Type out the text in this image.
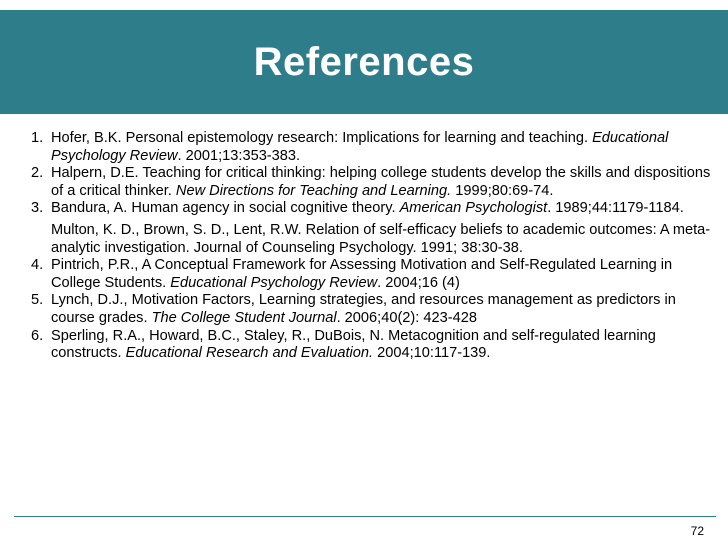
References
1. Hofer, B.K. Personal epistemology research: Implications for learning and teaching. Educational Psychology Review. 2001;13:353-383.
2. Halpern, D.E. Teaching for critical thinking: helping college students develop the skills and dispositions of a critical thinker. New Directions for Teaching and Learning. 1999;80:69-74.
3. Bandura, A. Human agency in social cognitive theory. American Psychologist. 1989;44:1179-1184.
Multon, K. D., Brown, S. D., Lent, R.W. Relation of self-efficacy beliefs to academic outcomes: A meta-analytic investigation. Journal of Counseling Psychology. 1991; 38:30-38.
4. Pintrich, P.R., A Conceptual Framework for Assessing Motivation and Self-Regulated Learning in College Students. Educational Psychology Review. 2004;16 (4)
5. Lynch, D.J., Motivation Factors, Learning strategies, and resources management as predictors in course grades. The College Student Journal. 2006;40(2): 423-428
6. Sperling, R.A., Howard, B.C., Staley, R., DuBois, N. Metacognition and self-regulated learning constructs. Educational Research and Evaluation. 2004;10:117-139.
72
